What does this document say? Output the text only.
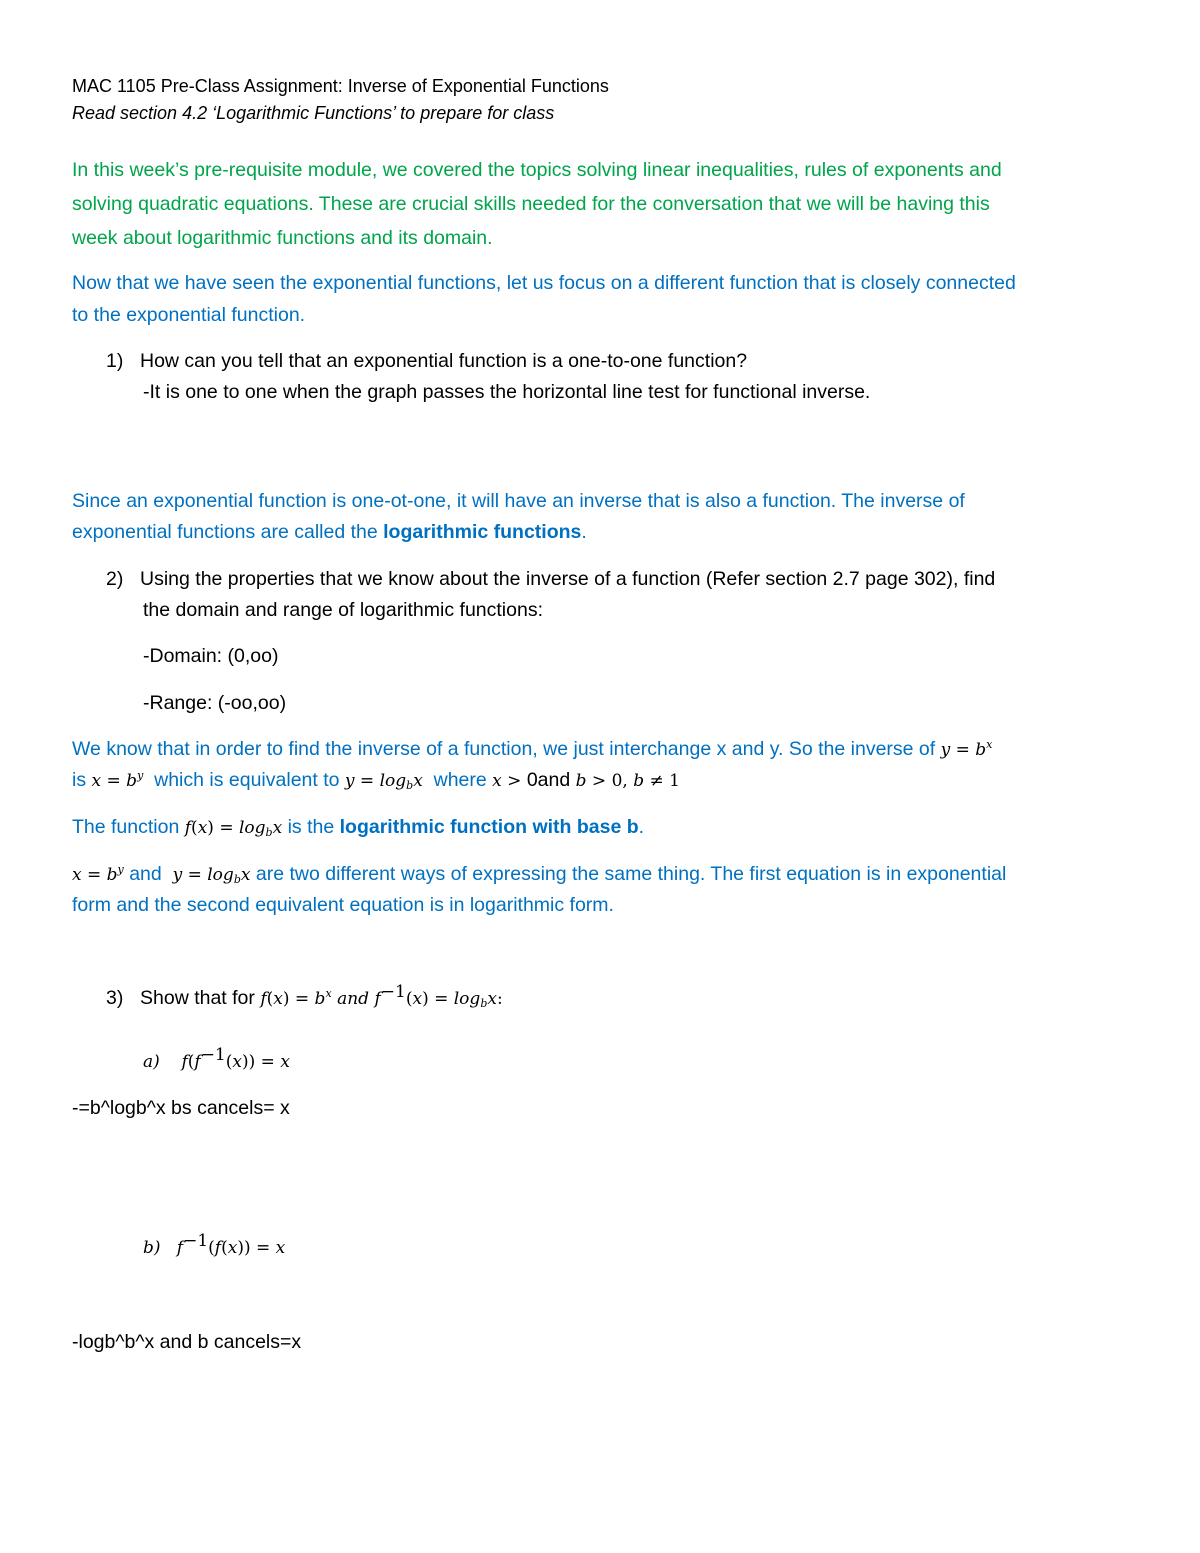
MAC 1105 Pre-Class Assignment: Inverse of Exponential Functions
Read section 4.2 ‘Logarithmic Functions’ to prepare for class
In this week’s pre-requisite module, we covered the topics solving linear inequalities, rules of exponents and
solving quadratic equations. These are crucial skills needed for the conversation that we will be having this
week about logarithmic functions and its domain.
Now that we have seen the exponential functions, let us focus on a different function that is closely connected
to the exponential function.
1) How can you tell that an exponential function is a one-to-one function?
-It is one to one when the graph passes the horizontal line test for functional inverse.
Since an exponential function is one-ot-one, it will have an inverse that is also a function. The inverse of
exponential functions are called the logarithmic functions.
2) Using the properties that we know about the inverse of a function (Refer section 2.7 page 302), find
the domain and range of logarithmic functions:
-Domain: (0,oo)
-Range: (-oo,oo)
We know that in order to find the inverse of a function, we just interchange x and y. So the inverse of $y = b^x$
is $x = b^y$ which is equivalent to $y = \log_bx$ where x > 0and b > 0, b ≠ 1
The function $f(x) = \log_bx$ is the logarithmic function with base b.
$x = b^y$ and $y = \log_bx$ are two different ways of expressing the same thing. The first equation is in exponential
form and the second equivalent equation is in logarithmic form.
3) Show that for $f(x) = b^x$ and $f^{-1}(x) = \log_bx$:
a) $f(f^{-1}(x)) = x$
-=b^logb^x bs cancels= x
b) $f^{-1}(f(x)) = x$
-logb^b^x and b cancels=x
